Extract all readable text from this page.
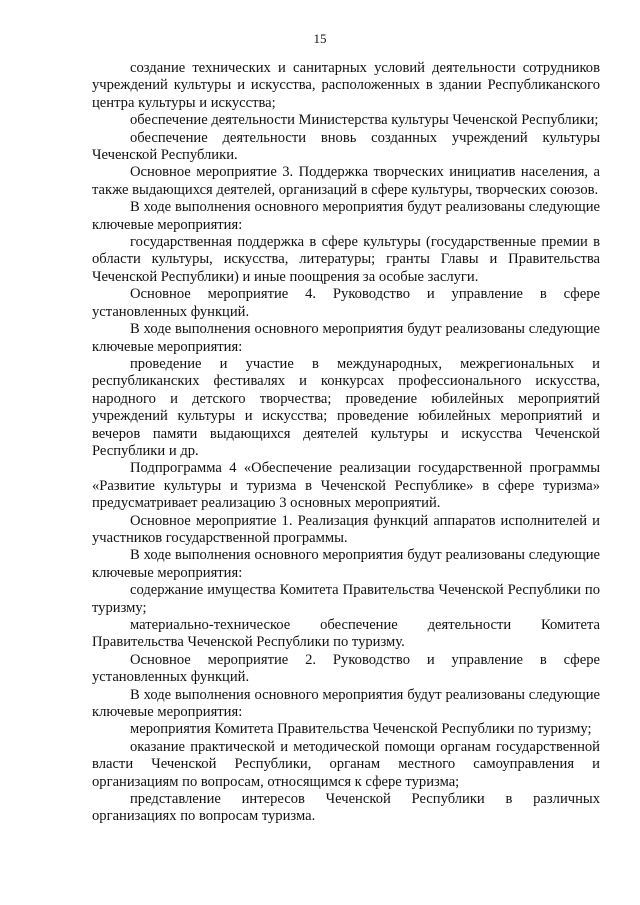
15

создание технических и санитарных условий деятельности сотрудников учреждений культуры и искусства, расположенных в здании Республиканского центра культуры и искусства;

обеспечение деятельности Министерства культуры Чеченской Республики;

обеспечение деятельности вновь созданных учреждений культуры Чеченской Республики.

Основное мероприятие 3. Поддержка творческих инициатив населения, а также выдающихся деятелей, организаций в сфере культуры, творческих союзов.

В ходе выполнения основного мероприятия будут реализованы следующие ключевые мероприятия:

государственная поддержка в сфере культуры (государственные премии в области культуры, искусства, литературы; гранты Главы и Правительства Чеченской Республики) и иные поощрения за особые заслуги.

Основное мероприятие 4. Руководство и управление в сфере установленных функций.

В ходе выполнения основного мероприятия будут реализованы следующие ключевые мероприятия:

проведение и участие в международных, межрегиональных и республиканских фестивалях и конкурсах профессионального искусства, народного и детского творчества; проведение юбилейных мероприятий учреждений культуры и искусства; проведение юбилейных мероприятий и вечеров памяти выдающихся деятелей культуры и искусства Чеченской Республики и др.

Подпрограмма 4 «Обеспечение реализации государственной программы «Развитие культуры и туризма в Чеченской Республике» в сфере туризма» предусматривает реализацию 3 основных мероприятий.

Основное мероприятие 1. Реализация функций аппаратов исполнителей и участников государственной программы.

В ходе выполнения основного мероприятия будут реализованы следующие ключевые мероприятия:

содержание имущества Комитета Правительства Чеченской Республики по туризму;

материально-техническое обеспечение деятельности Комитета Правительства Чеченской Республики по туризму.

Основное мероприятие 2. Руководство и управление в сфере установленных функций.

В ходе выполнения основного мероприятия будут реализованы следующие ключевые мероприятия:

мероприятия Комитета Правительства Чеченской Республики по туризму;

оказание практической и методической помощи органам государственной власти Чеченской Республики, органам местного самоуправления и организациям по вопросам, относящимся к сфере туризма;

представление интересов Чеченской Республики в различных организациях по вопросам туризма.
